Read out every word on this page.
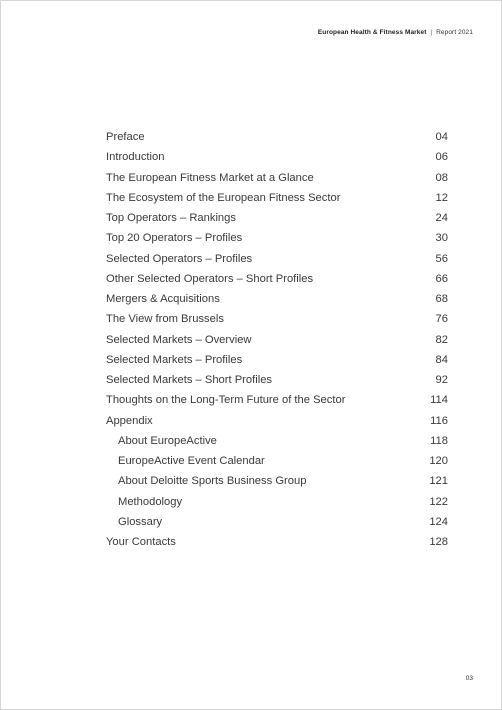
European Health & Fitness Market | Report 2021
Preface	04
Introduction	06
The European Fitness Market at a Glance	08
The Ecosystem of the European Fitness Sector	12
Top Operators – Rankings	24
Top 20 Operators – Profiles	30
Selected Operators – Profiles	56
Other Selected Operators – Short Profiles	66
Mergers & Acquisitions	68
The View from Brussels	76
Selected Markets – Overview	82
Selected Markets – Profiles	84
Selected Markets – Short Profiles	92
Thoughts on the Long-Term Future of the Sector	114
Appendix	116
About EuropeActive	118
EuropeActive Event Calendar	120
About Deloitte Sports Business Group	121
Methodology	122
Glossary	124
Your Contacts	128
03
